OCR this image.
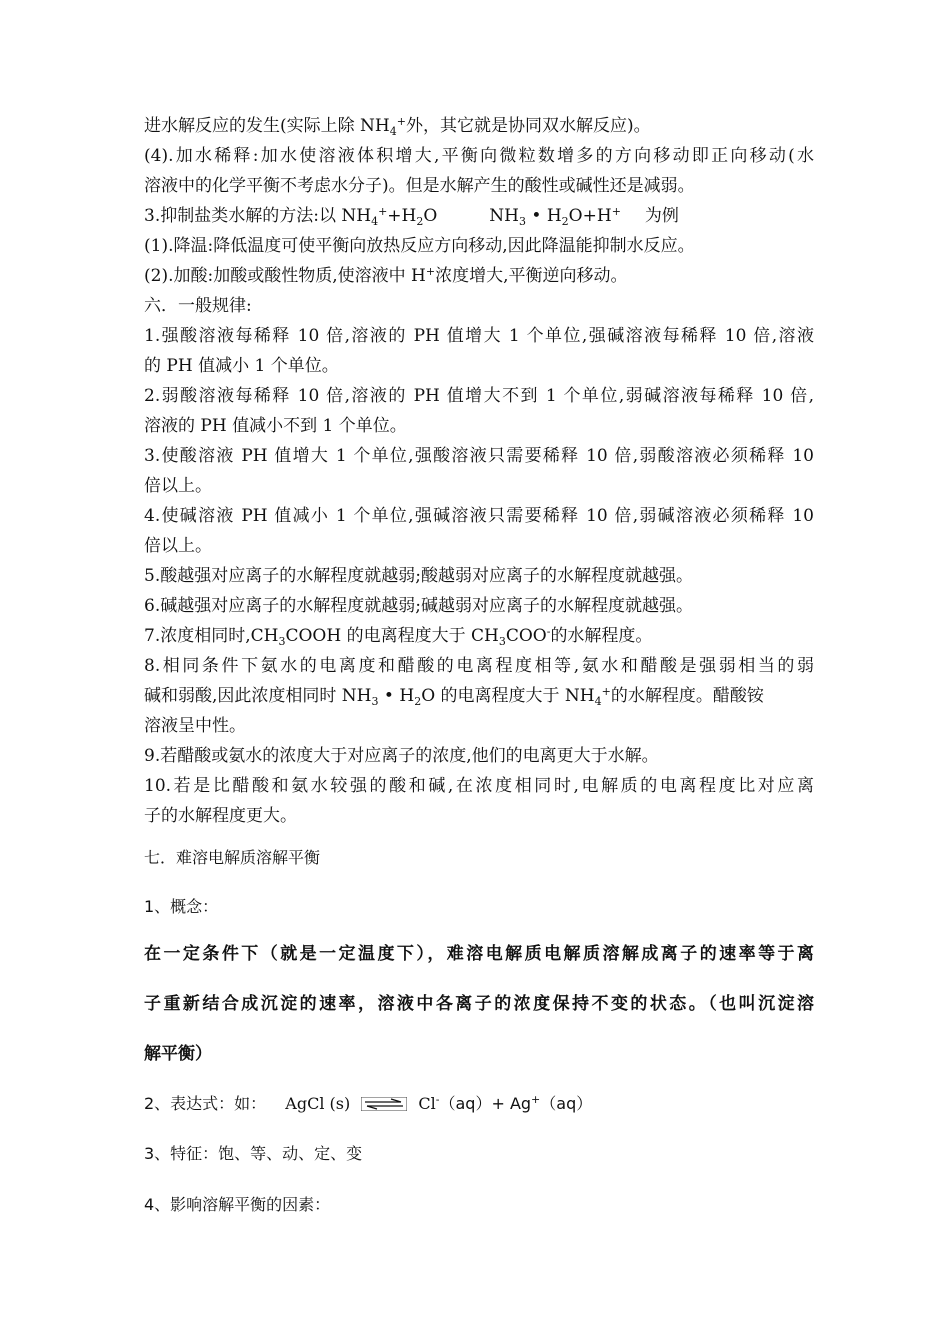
进水解反应的发生(实际上除 $NH_4^+$外，其它就是协同双水解反应)。
(4).加水稀释:加水使溶液体积增大,平衡向微粒数增多的方向移动即正向移动(水
溶液中的化学平衡不考虑水分子)。但是水解产生的酸性或碱性还是减弱。
3.抑制盐类水解的方法:以 $NH_4^++H_2O$	$NH_3$ • $H_2O+H^+$ 为例
(1).降温:降低温度可使平衡向放热反应方向移动,因此降温能抑制水反应。
(2).加酸:加酸或酸性物质,使溶液中 H+浓度增大,平衡逆向移动。
六．一般规律:
1.强酸溶液每稀释 10 倍,溶液的 PH 值增大 1 个单位,强碱溶液每稀释 10 倍,溶液
的 PH 值减小 1 个单位。
2.弱酸溶液每稀释 10 倍,溶液的 PH 值增大不到 1 个单位,弱碱溶液每稀释 10 倍,
溶液的 PH 值减小不到 1 个单位。
3.使酸溶液 PH 值增大 1 个单位,强酸溶液只需要稀释 10 倍,弱酸溶液必须稀释 10
倍以上。
4.使碱溶液 PH 值减小 1 个单位,强碱溶液只需要稀释 10 倍,弱碱溶液必须稀释 10
倍以上。
5.酸越强对应离子的水解程度就越弱;酸越弱对应离子的水解程度就越强。
6.碱越强对应离子的水解程度就越弱;碱越弱对应离子的水解程度就越强。
7.浓度相同时$,CH_3COOH$ 的电离程度大于 $CH_3COO^-$的水解程度。
8.相同条件下氨水的电离度和醋酸的电离程度相等,氨水和醋酸是强弱相当的弱
碱和弱酸,因此浓度相同时 $NH_3$ • $H_2O$ 的电离程度大于 $NH_4^+$的水解程度。醋酸铵
溶液呈中性。
9.若醋酸或氨水的浓度大于对应离子的浓度,他们的电离更大于水解。
10.若是比醋酸和氨水较强的酸和碱,在浓度相同时,电解质的电离程度比对应离
子的水解程度更大。
七．难溶电解质溶解平衡
1、概念：
在一定条件下（就是一定温度下），难溶电解质电解质溶解成离子的速率等于离
子重新结合成沉淀的速率，溶液中各离子的浓度保持不变的状态。（也叫沉淀溶
解平衡）
2、表达式：如： AgCl (s)	Cl-（aq）+ Ag+（aq）
3、特征：饱、等、动、定、变
4、影响溶解平衡的因素：
